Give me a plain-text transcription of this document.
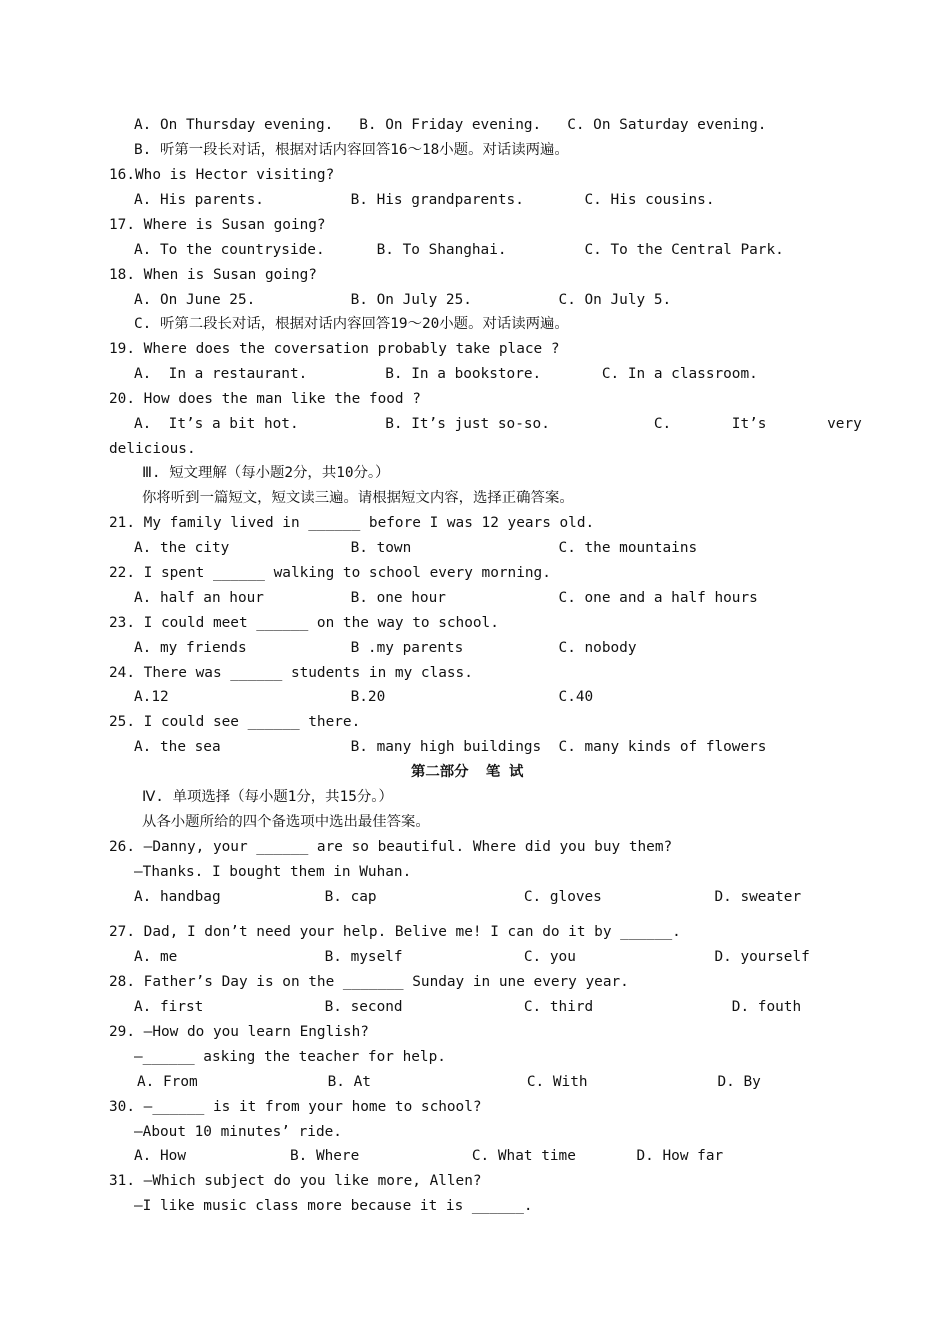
A. On Thursday evening.   B. On Friday evening.   C. On Saturday evening.
B. 听第一段长对话，根据对话内容回答16～18小题。对话读两遍。
16.Who is Hector visiting?
A. His parents.          B. His grandparents.       C. His cousins.
17. Where is Susan going?
A. To the countryside.      B. To Shanghai.         C. To the Central Park.
18. When is Susan going?
A. On June 25.           B. On July 25.          C. On July 5.
C. 听第二段长对话，根据对话内容回答19～20小题。对话读两遍。
19. Where does the coversation probably take place ?
A.  In a restaurant.         B. In a bookstore.       C. In a classroom.
20. How does the man like the food ?
A.  It’s a bit hot.          B. It’s just so-so.            C.       It’s       very
delicious.
Ⅲ. 短文理解（每小题2分，共10分。）
你将听到一篇短文，短文读三遍。请根据短文内容，选择正确答案。
21. My family lived in ______ before I was 12 years old.
A. the city              B. town                 C. the mountains
22. I spent ______ walking to school every morning.
A. half an hour          B. one hour             C. one and a half hours
23. I could meet ______ on the way to school.
A. my friends            B .my parents           C. nobody
24. There was ______ students in my class.
A.12                     B.20                    C.40
25. I could see ______ there.
A. the sea               B. many high buildings  C. many kinds of flowers
第二部分  笔 试
Ⅳ. 单项选择（每小题1分，共15分。）
从各小题所给的四个备选项中选出最佳答案。
26. —Danny, your ______ are so beautiful. Where did you buy them?
—Thanks. I bought them in Wuhan.
A. handbag            B. cap                 C. gloves             D. sweater
27. Dad, I don’t need your help. Belive me! I can do it by ______.
A. me                 B. myself              C. you                D. yourself
28. Father’s Day is on the _______ Sunday in une every year.
A. first              B. second              C. third                D. fouth
29. —How do you learn English?
—______ asking the teacher for help.
A. From               B. At                  C. With               D. By
30. —______ is it from your home to school?
—About 10 minutes’ ride.
A. How            B. Where             C. What time       D. How far
31. —Which subject do you like more, Allen?
—I like music class more because it is ______.
